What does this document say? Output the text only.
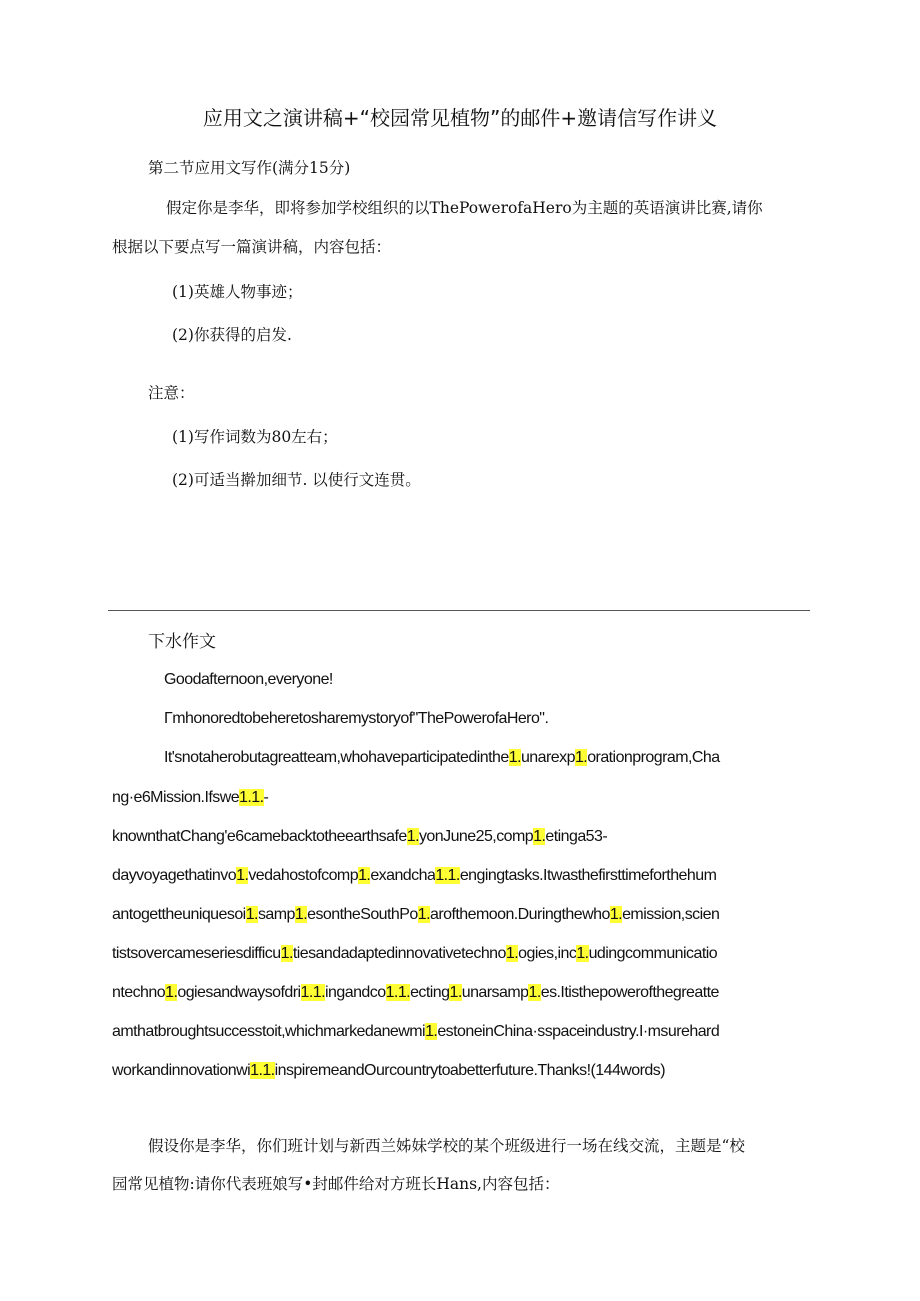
应用文之演讲稿+“校园常见植物”的邮件+邀请信写作讲义
第二节应用文写作(满分15分)
假定你是李华，即将参加学校组织的以ThePowerofaHero为主题的英语演讲比赛,请你
根据以下要点写一篇演讲稿，内容包括：
(1)英雄人物事迹；
(2)你获得的启发.
注意：
(1)写作词数为80左右；
(2)可适当擀加细节. 以使行文连贯。
下水作文
Goodafternoon,everyone!
Γmhonoredtobeheretosharemystoryof"ThePowerofaHero".
It'snotaherobutagreatteam,whohaveparticipatedinthe1.unarexp1.orationprogram,Cha
ng·e6Mission.Ifswe1.1.-
knownthatChang'e6camebacktotheearthsafe1.yonJune25,comp1.etinga53-
dayvoyagethatinvo1.vedahostofcomp1.exandcha1.1.engingtasks.Itwasthefirsttimeforthehum
antogettheuniquesoi1.samp1.esontheSouthPo1.arofthemoon.Duringthewho1.emission,scien
tistsovercameseriesdifficu1.tiesandadaptedinnovativetechno1.ogies,inc1.udingcommunicatio
ntechno1.ogiesandwaysofdri1.1.ingandco1.1.ecting1.unarsamp1.es.Itisthepowerofthegreatte
amthatbroughtsuccesstoit,whichmarkedanewmi1.estoneinChina·sspaceindustry.I·msurehard
workandinnovationwi1.1.inspiremeandOurcountrytoabetterfuture.Thanks!(144words)
假设你是李华，你们班计划与新西兰姊妹学校的某个班级进行一场在线交流，主题是“校
园常见植物:请你代表班娘写•封邮件给对方班长Hans,内容包括：
